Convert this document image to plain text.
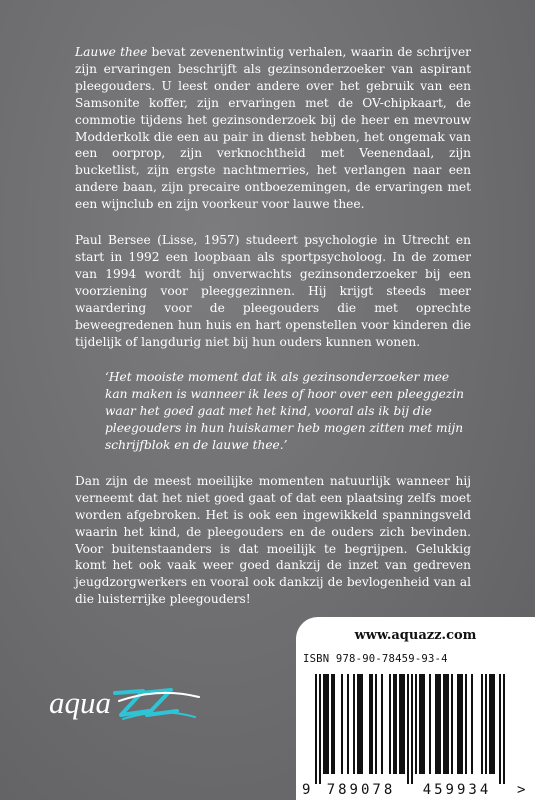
Lauwe thee bevat zevenentwintig verhalen, waarin de schrijver zijn ervaringen beschrijft als gezinsonderzoeker van aspirant pleegouders. U leest onder andere over het gebruik van een Samsonite koffer, zijn ervaringen met de OV-chipkaart, de commotie tijdens het gezinsonderzoek bij de heer en mevrouw Modderkolk die een au pair in dienst hebben, het ongemak van een oorprop, zijn verknochtheid met Veenendaal, zijn bucketlist, zijn ergste nachtmerries, het verlangen naar een andere baan, zijn precaire ontboezemingen, de ervaringen met een wijnclub en zijn voorkeur voor lauwe thee.

Paul Bersee (Lisse, 1957) studeert psychologie in Utrecht en start in 1992 een loopbaan als sportpsycholoog. In de zomer van 1994 wordt hij onverwachts gezinsonderzoeker bij een voorziening voor pleeggezinnen. Hij krijgt steeds meer waardering voor de pleegouders die met oprechte beweegredenen hun huis en hart openstellen voor kinderen die tijdelijk of langdurig niet bij hun ouders kunnen wonen.

‘Het mooiste moment dat ik als gezinsonderzoeker mee kan maken is wanneer ik lees of hoor over een pleeggezin waar het goed gaat met het kind, vooral als ik bij die pleegouders in hun huiskamer heb mogen zitten met mijn schrijfblok en de lauwe thee.’

Dan zijn de meest moeilijke momenten natuurlijk wanneer hij verneemt dat het niet goed gaat of dat een plaatsing zelfs moet worden afgebroken. Het is ook een ingewikkeld spanningsveld waarin het kind, de pleegouders en de ouders zich bevinden. Voor buitenstaanders is dat moeilijk te begrijpen. Gelukkig komt het ook vaak weer goed dankzij de inzet van gedreven jeugdzorgwerkers en vooral ook dankzij de bevlogenheid van al die luisterrijke pleegouders!

aqua
www.aquazz.com
ISBN 978-90-78459-93-4
9 789078 459934 >
